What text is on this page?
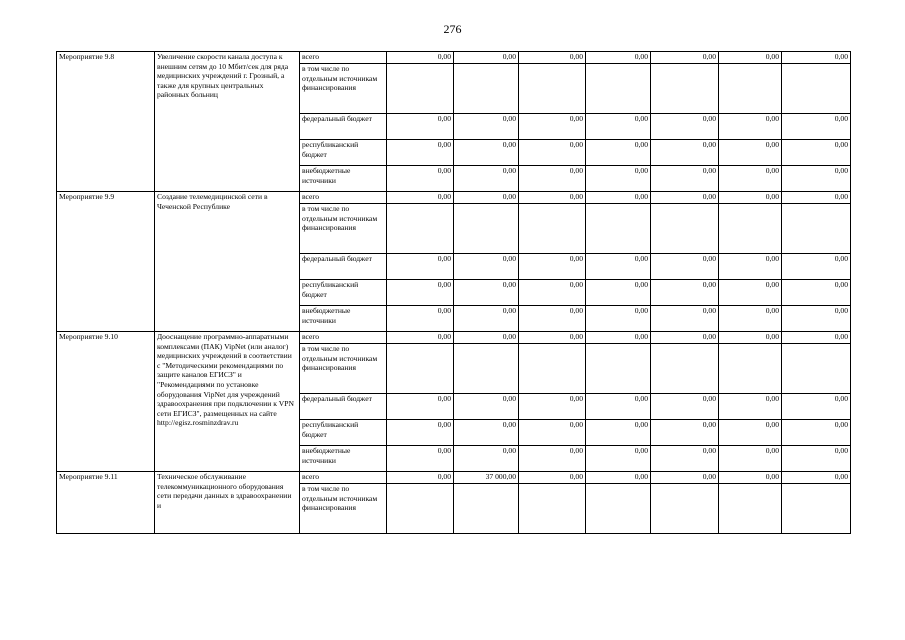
276
Мероприятие 9.8	Увеличение скорости канала доступа к внешним сетям до 10 Мбит/сек для ряда медицинских учреждений г. Грозный, а также для крупных центральных районных больниц	всего	0,00	0,00	0,00	0,00	0,00	0,00	0,00
		в том числе по отдельным источникам финансирования							
		федеральный бюджет	0,00	0,00	0,00	0,00	0,00	0,00	0,00
		республиканский бюджет	0,00	0,00	0,00	0,00	0,00	0,00	0,00
		внебюджетные источники	0,00	0,00	0,00	0,00	0,00	0,00	0,00
Мероприятие 9.9	Создание телемедицинской сети в Чеченской Республике	всего	0,00	0,00	0,00	0,00	0,00	0,00	0,00
		в том числе по отдельным источникам финансирования							
		федеральный бюджет	0,00	0,00	0,00	0,00	0,00	0,00	0,00
		республиканский бюджет	0,00	0,00	0,00	0,00	0,00	0,00	0,00
		внебюджетные источники	0,00	0,00	0,00	0,00	0,00	0,00	0,00
Мероприятие 9.10	Дооснащение программно-аппаратными комплексами (ПАК) VipNet (или аналог) медицинских учреждений в соответствии с "Методическими рекомендациями по защите каналов ЕГИСЗ" и "Рекомендациями по установке оборудования VipNet для учреждений здравоохранения при подключении к VPN сети ЕГИСЗ", размещенных на сайте http://egisz.rosminzdrav.ru	всего	0,00	0,00	0,00	0,00	0,00	0,00	0,00
		в том числе по отдельным источникам финансирования							
		федеральный бюджет	0,00	0,00	0,00	0,00	0,00	0,00	0,00
		республиканский бюджет	0,00	0,00	0,00	0,00	0,00	0,00	0,00
		внебюджетные источники	0,00	0,00	0,00	0,00	0,00	0,00	0,00
Мероприятие 9.11	Техническое обслуживание телекоммуникационного оборудования сети передачи данных в здравоохранении и	всего	0,00	37 000,00	0,00	0,00	0,00	0,00	0,00
		в том числе по отдельным источникам финансирования							
